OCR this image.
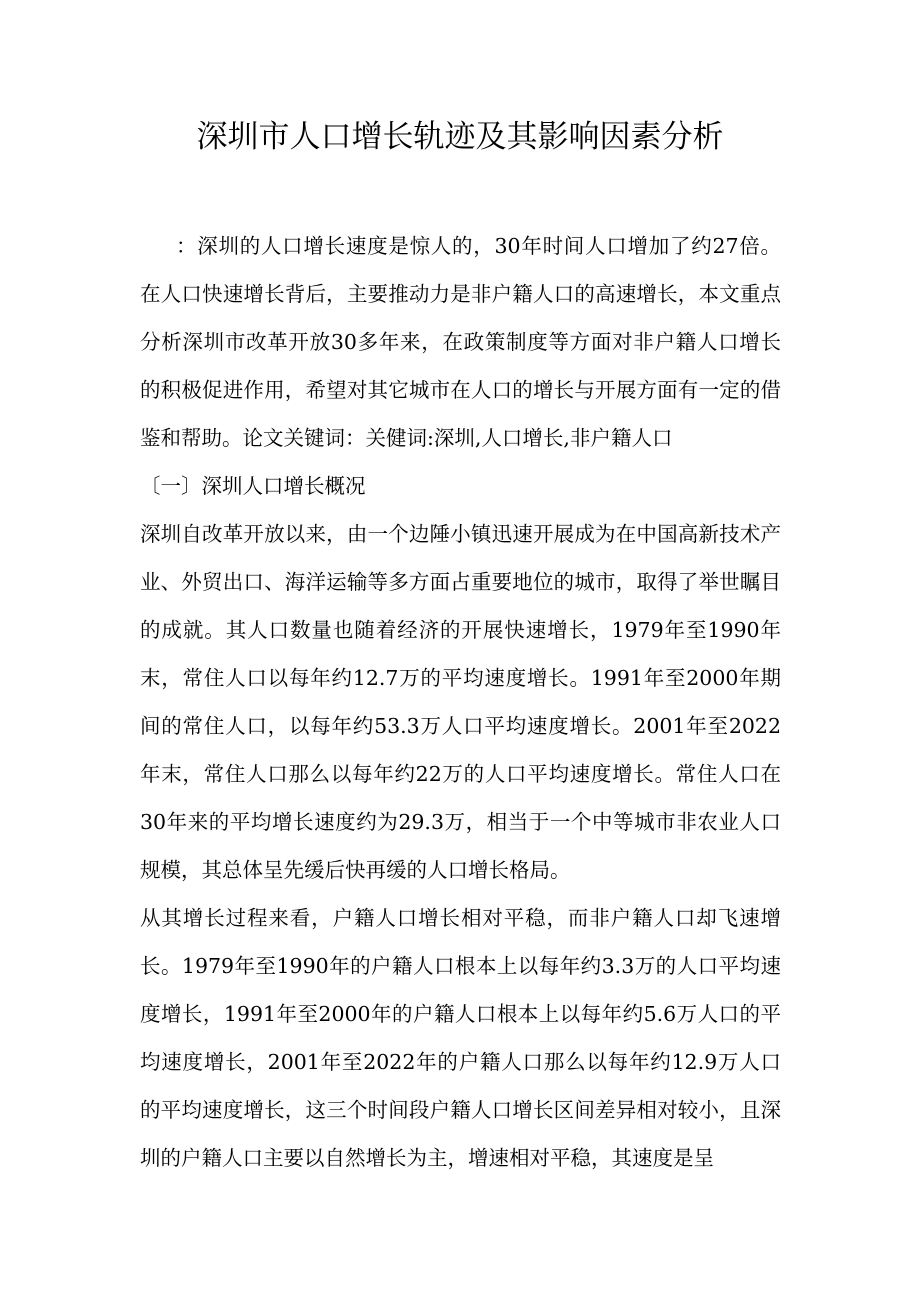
深圳市人口增长轨迹及其影响因素分析

：深圳的人口增长速度是惊人的，30年时间人口增加了约27倍。在人口快速增长背后，主要推动力是非户籍人口的高速增长，本文重点分析深圳市改革开放30多年来，在政策制度等方面对非户籍人口增长的积极促进作用，希望对其它城市在人口的增长与开展方面有一定的借鉴和帮助。论文关键词：关健词:深圳,人口增长,非户籍人口

〔一〕深圳人口增长概况

深圳自改革开放以来，由一个边陲小镇迅速开展成为在中国高新技术产业、外贸出口、海洋运输等多方面占重要地位的城市，取得了举世瞩目的成就。其人口数量也随着经济的开展快速增长，1979年至1990年末，常住人口以每年约12.7万的平均速度增长。1991年至2000年期间的常住人口，以每年约53.3万人口平均速度增长。2001年至2022年末，常住人口那么以每年约22万的人口平均速度增长。常住人口在30年来的平均增长速度约为29.3万，相当于一个中等城市非农业人口规模，其总体呈先缓后快再缓的人口增长格局。

从其增长过程来看，户籍人口增长相对平稳，而非户籍人口却飞速增长。1979年至1990年的户籍人口根本上以每年约3.3万的人口平均速度增长，1991年至2000年的户籍人口根本上以每年约5.6万人口的平均速度增长，2001年至2022年的户籍人口那么以每年约12.9万人口的平均速度增长，这三个时间段户籍人口增长区间差异相对较小，且深圳的户籍人口主要以自然增长为主，增速相对平稳，其速度是呈
